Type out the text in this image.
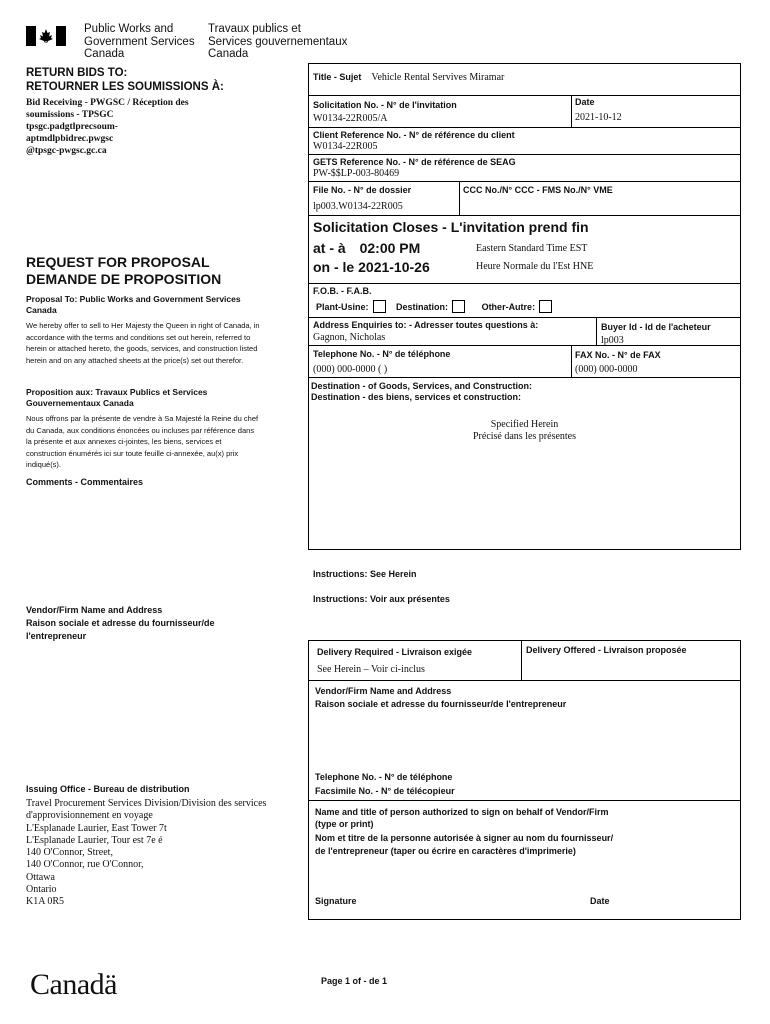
Public Works and
Government Services
Canada
Travaux publics et
Services gouvernementaux
Canada
RETURN BIDS TO:
RETOURNER LES SOUMISSIONS À:
Bid Receiving - PWGSC / Réception des
soumissions - TPSGC
tpsgc.padgtlprecsoum-
aptmdlpbidrec.pwgsc
@tpsgc-pwgsc.gc.ca
REQUEST FOR PROPOSAL
DEMANDE DE PROPOSITION
Proposal To: Public Works and Government Services Canada
We hereby offer to sell to Her Majesty the Queen in right of Canada, in accordance with the terms and conditions set out herein, referred to herein or attached hereto, the goods, services, and construction listed herein and on any attached sheets at the price(s) set out therefor.
Proposition aux: Travaux Publics et Services Gouvernementaux Canada
Nous offrons par la présente de vendre à Sa Majesté la Reine du chef du Canada, aux conditions énoncées ou incluses par référence dans la présente et aux annexes ci-jointes, les biens, services et construction énumérés ici sur toute feuille ci-annexée, au(x) prix indiqué(s).
Comments - Commentaires
Vendor/Firm Name and Address
Raison sociale et adresse du fournisseur/de l'entrepreneur
Issuing Office - Bureau de distribution
Travel Procurement Services Division/Division des services
d'approvisionnement en voyage
L'Esplanade Laurier, East Tower 7t
L'Esplanade Laurier, Tour est 7e é
140 O'Connor, Street,
140 O'Connor, rue O'Connor,
Ottawa
Ontario
K1A 0R5
Title - Sujet Vehicle Rental Servives Miramar
Solicitation No. - N° de l'invitation
W0134-22R005/A
Date
2021-10-12
Client Reference No. - N° de référence du client
W0134-22R005
GETS Reference No. - N° de référence de SEAG
PW-$$LP-003-80469
File No. - N° de dossier
lp003.W0134-22R005
CCC No./N° CCC - FMS No./N° VME
Solicitation Closes - L'invitation prend fin
at - à 02:00 PM
on - le 2021-10-26
Eastern Standard Time EST
Heure Normale du l'Est HNE
F.O.B. - F.A.B.
Plant-Usine:	Destination:	Other-Autre:
Address Enquiries to: - Adresser toutes questions à:
Gagnon, Nicholas
Buyer Id - Id de l'acheteur
lp003
Telephone No. - N° de téléphone
(000) 000-0000 ( )
FAX No. - N° de FAX
(000) 000-0000
Destination - of Goods, Services, and Construction:
Destination - des biens, services et construction:
Specified Herein
Précisé dans les présentes
Instructions: See Herein
Instructions: Voir aux présentes
Delivery Required - Livraison exigée
See Herein – Voir ci-inclus
Delivery Offered - Livraison proposée
Vendor/Firm Name and Address
Raison sociale et adresse du fournisseur/de l'entrepreneur
Telephone No. - N° de téléphone
Facsimile No. - N° de télécopieur
Name and title of person authorized to sign on behalf of Vendor/Firm
(type or print)
Nom et titre de la personne autorisée à signer au nom du fournisseur/
de l'entrepreneur (taper ou écrire en caractères d'imprimerie)
Signature	Date
Canadä	Page 1 of - de 1
